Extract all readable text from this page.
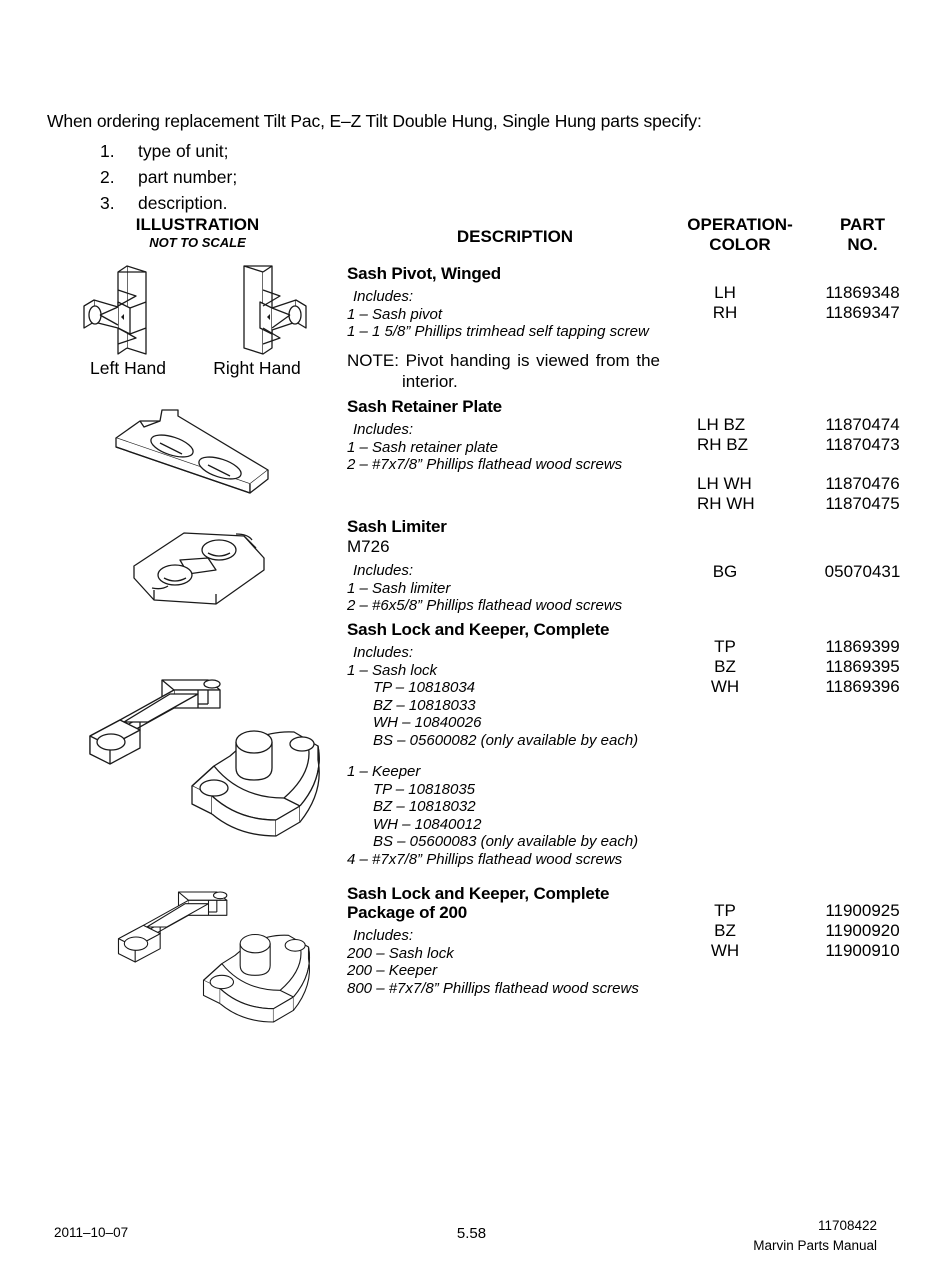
When ordering replacement Tilt Pac, E–Z Tilt Double Hung, Single Hung parts specify:
1. type of unit;
2. part number;
3. description.
ILLUSTRATION
NOT TO SCALE	DESCRIPTION
OPERATION-
COLOR
PART
NO.
Left Hand	Right Hand
Sash Pivot, Winged
Includes:
1 – Sash pivot
1 – 1 5/8” Phillips trimhead self tapping screw
NOTE: Pivot handing is viewed from the
interior.
LH	11869348
RH	11869347
Sash Retainer Plate
Includes:
1 – Sash retainer plate
2 – #7x7/8” Phillips flathead wood screws
LH BZ	11870474
RH BZ	11870473
LH WH	11870476
RH WH	11870475
Sash Limiter
M726
Includes:
1 – Sash limiter
2 – #6x5/8” Phillips flathead wood screws
BG	05070431
Sash Lock and Keeper, Complete
Includes:
1 – Sash lock
TP – 10818034
BZ – 10818033
WH – 10840026
BS – 05600082 (only available by each)
1 – Keeper
TP – 10818035
BZ – 10818032
WH – 10840012
BS – 05600083 (only available by each)
4 – #7x7/8” Phillips flathead wood screws
TP	11869399
BZ	11869395
WH	11869396
Sash Lock and Keeper, Complete
Package of 200
Includes:
200 – Sash lock
200 – Keeper
800 – #7x7/8” Phillips flathead wood screws
TP	11900925
BZ	11900920
WH	11900910
2011–10–07	5.58	11708422
Marvin Parts Manual
